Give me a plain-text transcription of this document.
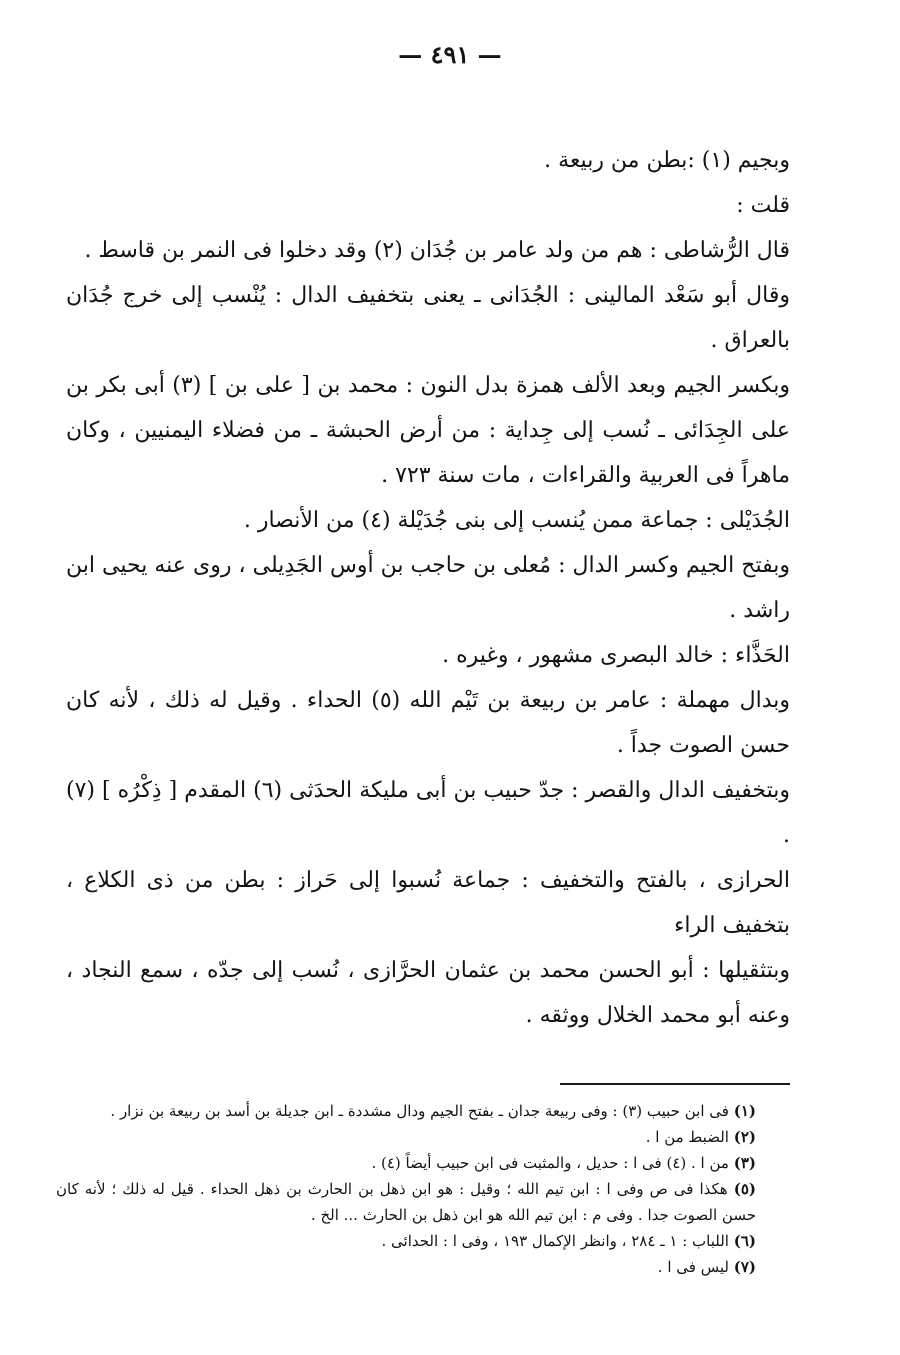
— ٤٩١ —

وبجيم (١) :بطن من ربيعة .

قلت :

قال الرُّشاطى : هم من ولد عامر بن جُدَان (٢) وقد دخلوا فى النمر بن قاسط .

وقال أبو سَعْد المالينى : الجُدَانى ـ يعنى بتخفيف الدال : يُنْسب إلى خرج جُدَان بالعراق .

وبكسر الجيم وبعد الألف همزة بدل النون : محمد بن [ على بن ] (٣) أبى بكر بن على الجِدَائى ـ نُسب إلى جِداية : من أرض الحبشة ـ من فضلاء اليمنيين ، وكان ماهراً فى العربية والقراءات ، مات سنة ٧٢٣ .

الجُدَيْلى : جماعة ممن يُنسب إلى بنى جُدَيْلة (٤) من الأنصار .

وبفتح الجيم وكسر الدال : مُعلى بن حاجب بن أوس الجَدِيلى ، روى عنه يحيى ابن راشد .

الحَذَّاء : خالد البصرى مشهور ، وغيره .

وبدال مهملة : عامر بن ربيعة بن تَيْم الله (٥) الحداء . وقيل له ذلك ، لأنه كان حسن الصوت جداً .

وبتخفيف الدال والقصر : جدّ حبيب بن أبى مليكة الحدَثى (٦) المقدم [ ذِكْرُه ] (٧) .

الحرازى ، بالفتح والتخفيف : جماعة نُسبوا إلى حَراز : بطن من ذى الكلاع ، بتخفيف الراء

وبتثقيلها : أبو الحسن محمد بن عثمان الحرَّازى ، نُسب إلى جدّه ، سمع النجاد ، وعنه أبو محمد الخلال ووثقه .

(١) فى ابن حبيب (٣) : وفى ربيعة جدان ـ بفتح الجيم ودال مشددة ـ ابن جديلة بن أسد بن ربيعة بن نزار .

(٢) الضبط من ا .

(٣) من ا . (٤) فى ا : حديل ، والمثبت فى ابن حبيب أيضاً (٤) .

(٥) هكذا فى ص وفى ا : ابن تيم الله ؛ وقيل : هو ابن ذهل بن الحارث بن ذهل الحداء . قيل له ذلك ؛ لأنه كان حسن الصوت جدا . وفى م : ابن تيم الله هو ابن ذهل بن الحارث ... الخ .

(٦) اللباب : ١ ـ ٢٨٤ ، وانظر الإكمال ١٩٣ ، وفى ا : الحدائى .

(٧) ليس فى ا .
